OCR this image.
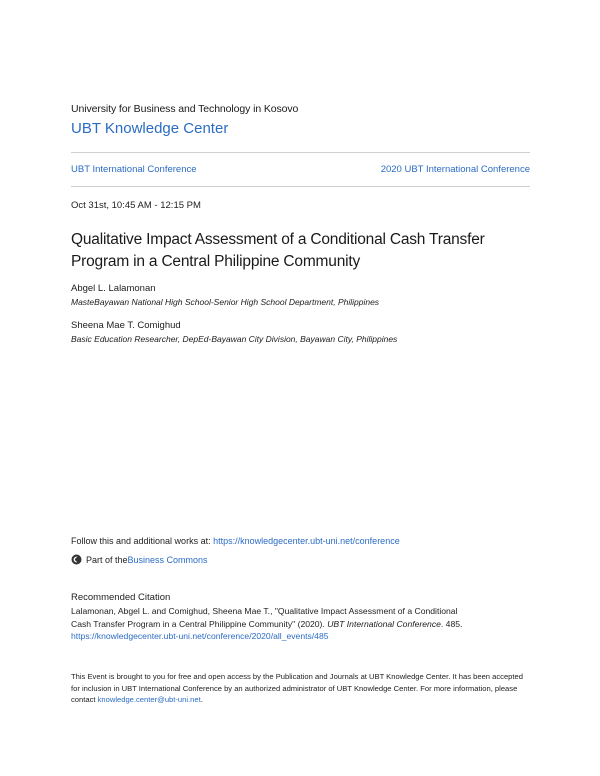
University for Business and Technology in Kosovo
UBT Knowledge Center
UBT International Conference	2020 UBT International Conference
Oct 31st, 10:45 AM - 12:15 PM
Qualitative Impact Assessment of a Conditional Cash Transfer
Program in a Central Philippine Community
Abgel L. Lalamonan
MasteBayawan National High School-Senior High School Department, Philippines
Sheena Mae T. Comighud
Basic Education Researcher, DepEd-Bayawan City Division, Bayawan City, Philippines
Follow this and additional works at: https://knowledgecenter.ubt-uni.net/conference
Part of the Business Commons
Recommended Citation
Lalamonan, Abgel L. and Comighud, Sheena Mae T., "Qualitative Impact Assessment of a Conditional
Cash Transfer Program in a Central Philippine Community" (2020). UBT International Conference. 485.
https://knowledgecenter.ubt-uni.net/conference/2020/all_events/485
This Event is brought to you for free and open access by the Publication and Journals at UBT Knowledge Center. It has been accepted for inclusion in UBT International Conference by an authorized administrator of UBT Knowledge Center. For more information, please contact knowledge.center@ubt-uni.net.
